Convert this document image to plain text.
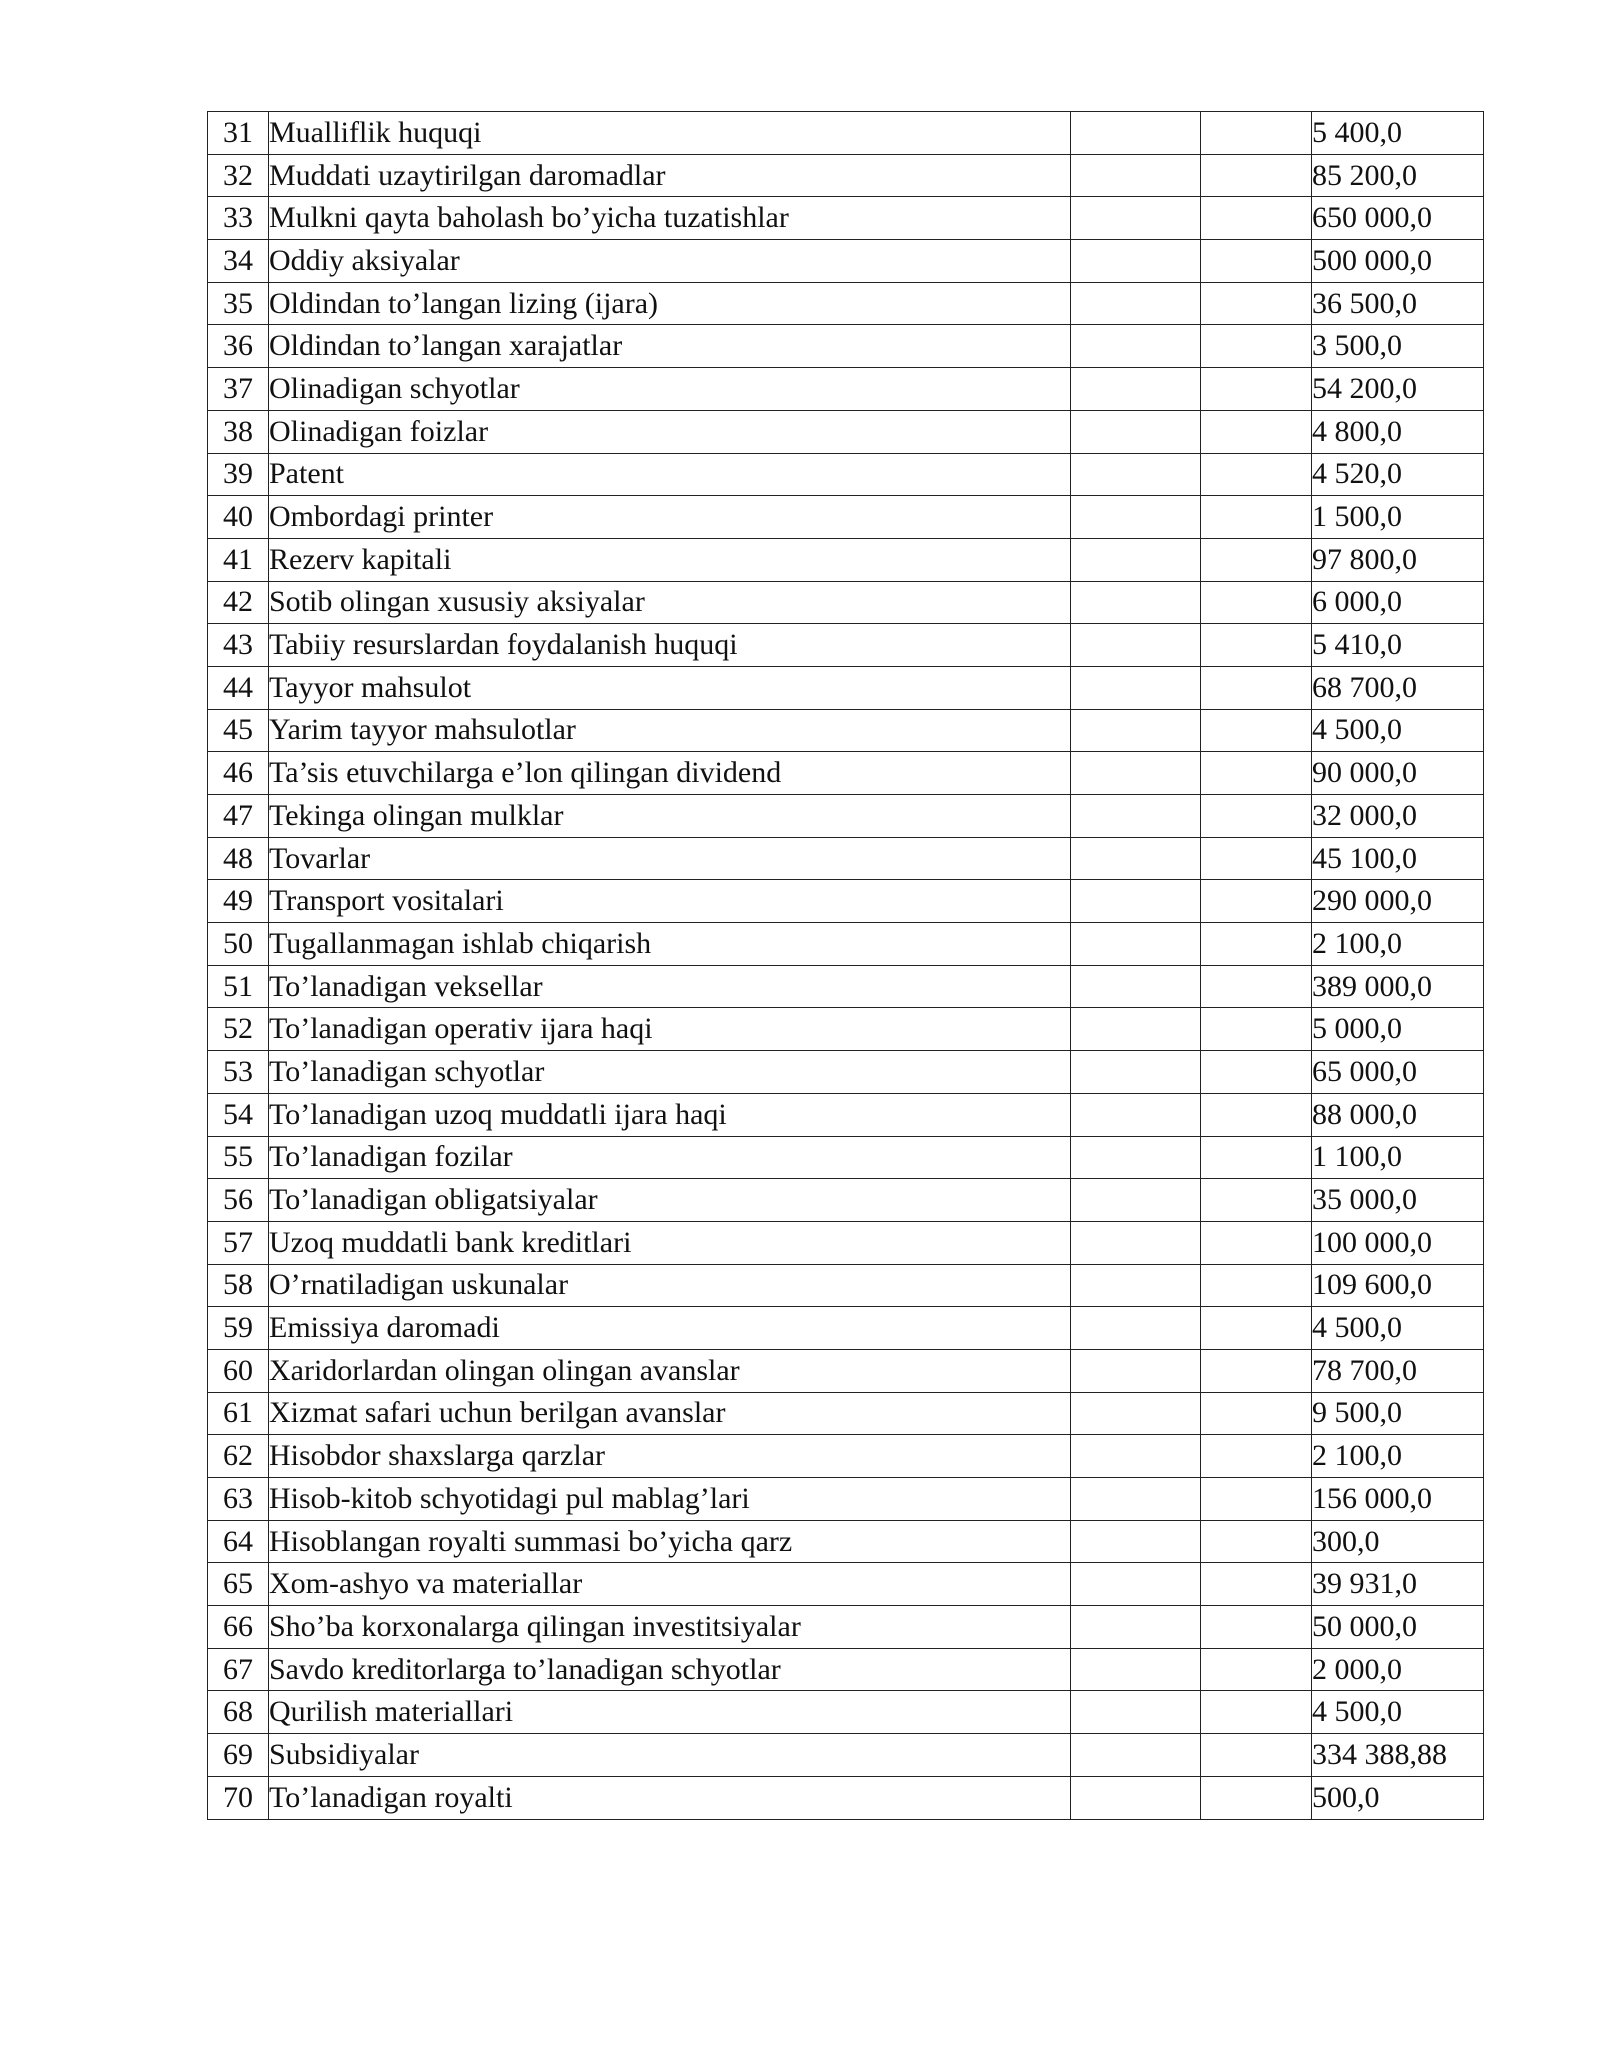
31	Mualliflik huquqi			5 400,0
32	Muddati uzaytirilgan daromadlar			85 200,0
33	Mulkni qayta baholash bo’yicha tuzatishlar			650 000,0
34	Oddiy aksiyalar			500 000,0
35	Oldindan to’langan lizing (ijara)			36 500,0
36	Oldindan to’langan xarajatlar			3 500,0
37	Olinadigan schyotlar			54 200,0
38	Olinadigan foizlar			4 800,0
39	Patent			4 520,0
40	Ombordagi printer			1 500,0
41	Rezerv kapitali			97 800,0
42	Sotib olingan xususiy aksiyalar			6 000,0
43	Tabiiy resurslardan foydalanish huquqi			5 410,0
44	Tayyor mahsulot			68 700,0
45	Yarim tayyor mahsulotlar			4 500,0
46	Ta’sis etuvchilarga e’lon qilingan dividend			90 000,0
47	Tekinga olingan mulklar			32 000,0
48	Tovarlar			45 100,0
49	Transport vositalari			290 000,0
50	Tugallanmagan ishlab chiqarish			2 100,0
51	To’lanadigan veksellar			389 000,0
52	To’lanadigan operativ ijara haqi			5 000,0
53	To’lanadigan schyotlar			65 000,0
54	To’lanadigan uzoq muddatli ijara haqi			88 000,0
55	To’lanadigan fozilar			1 100,0
56	To’lanadigan obligatsiyalar			35 000,0
57	Uzoq muddatli bank kreditlari			100 000,0
58	O’rnatiladigan uskunalar			109 600,0
59	Emissiya daromadi			4 500,0
60	Xaridorlardan olingan olingan avanslar			78 700,0
61	Xizmat safari uchun berilgan avanslar			9 500,0
62	Hisobdor shaxslarga qarzlar			2 100,0
63	Hisob-kitob schyotidagi pul mablag’lari			156 000,0
64	Hisoblangan royalti summasi bo’yicha qarz			300,0
65	Xom-ashyo va materiallar			39 931,0
66	Sho’ba korxonalarga qilingan investitsiyalar			50 000,0
67	Savdo kreditorlarga to’lanadigan schyotlar			2 000,0
68	Qurilish materiallari			4 500,0
69	Subsidiyalar			334 388,88
70	To’lanadigan royalti			500,0
